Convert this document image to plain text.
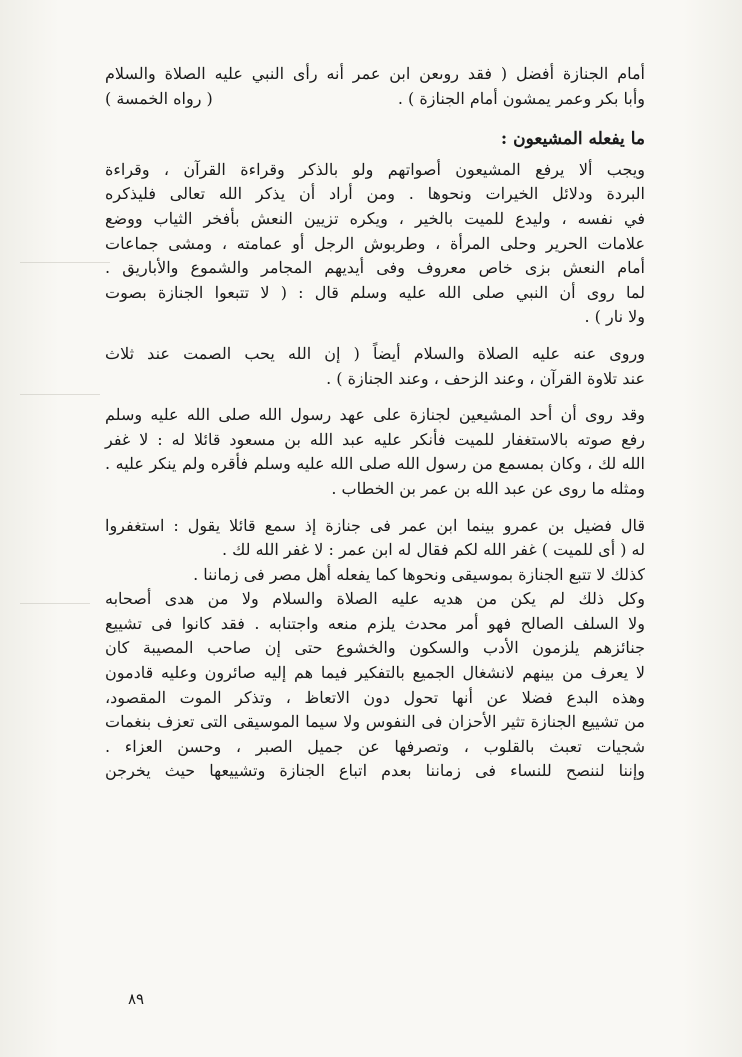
أمام الجنازة أفضل ( فقد روىعن ابن عمر أنه رأى النبي عليه الصلاة والسلام
وأبا بكر وعمر يمشون أمام الجنازة ) .
( رواه الخمسة )
ما يفعله المشيعون :
ويجب ألا يرفع المشيعون أصواتهم ولو بالذكر وقراءة القرآن ، وقراءة
البردة ودلائل الخيرات ونحوها . ومن أراد أن يذكر الله تعالى فليذكره
في نفسه ، وليدع للميت بالخير ، ويكره تزيين النعش بأفخر الثياب ووضع
علامات الحرير وحلى المرأة ، وطربوش الرجل أو عمامته ، ومشى جماعات
أمام النعش بزى خاص معروف وفى أيديهم المجامر والشموع والأباريق .
لما روى أن النبي صلى الله عليه وسلم قال : ( لا تتبعوا الجنازة بصوت
ولا نار ) .
وروى عنه عليه الصلاة والسلام أيضاً ( إن الله يحب الصمت عند ثلاث
عند تلاوة القرآن ، وعند الزحف ، وعند الجنازة ) .
وقد روى أن أحد المشيعين لجنازة على عهد رسول الله صلى الله عليه وسلم
رفع صوته بالاستغفار للميت فأنكر عليه عبد الله بن مسعود قائلا له : لا غفر
الله لك ، وكان بمسمع من رسول الله صلى الله عليه وسلم فأقره ولم ينكر عليه .
ومثله ما روى عن عبد الله بن عمر بن الخطاب .
قال فضيل بن عمرو بينما ابن عمر فى جنازة إذ سمع قائلا يقول : استغفروا
له ( أى للميت ) غفر الله لكم فقال له ابن عمر : لا غفر الله لك .
كذلك لا تتبع الجنازة بموسيقى ونحوها كما يفعله أهل مصر فى زماننا .
وكل ذلك لم يكن من هديه عليه الصلاة والسلام ولا من هدى أصحابه
ولا السلف الصالح فهو أمر محدث يلزم منعه واجتنابه . فقد كانوا فى تشييع
جنائزهم يلزمون الأدب والسكون والخشوع حتى إن صاحب المصيبة كان
لا يعرف من بينهم لانشغال الجميع بالتفكير فيما هم إليه صائرون وعليه قادمون
وهذه البدع فضلا عن أنها تحول دون الاتعاظ ، وتذكر الموت المقصود،
من تشييع الجنازة تثير الأحزان فى النفوس ولا سيما الموسيقى التى تعزف بنغمات
شجيات تعبث بالقلوب ، وتصرفها عن جميل الصبر ، وحسن العزاء .
وإننا لننصح للنساء فى زماننا بعدم اتباع الجنازة وتشييعها حيث يخرجن
٨٩
